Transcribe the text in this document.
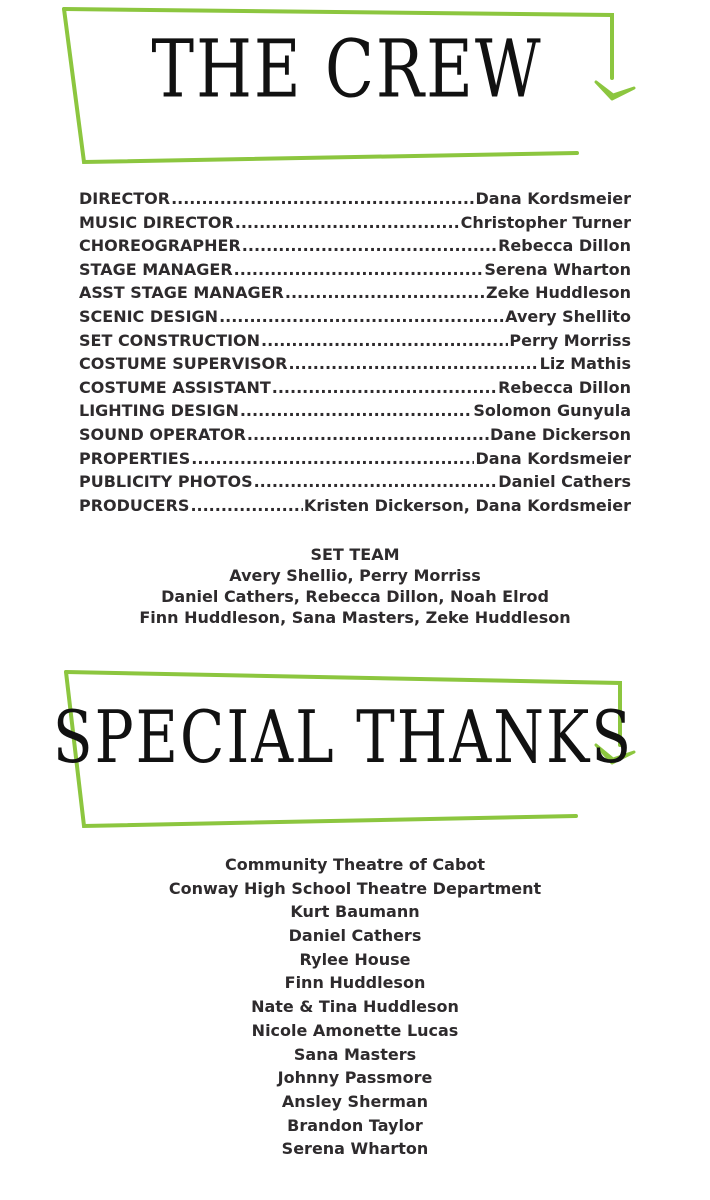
THE CREW
DIRECTOR .....	Dana Kordsmeier
MUSIC DIRECTOR .....	Christopher Turner
CHOREOGRAPHER .....	Rebecca Dillon
STAGE MANAGER .....	Serena Wharton
ASST STAGE MANAGER .....	Zeke Huddleson
SCENIC DESIGN .....	Avery Shellito
SET CONSTRUCTION .....	Perry Morriss
COSTUME SUPERVISOR .....	Liz Mathis
COSTUME ASSISTANT .....	Rebecca Dillon
LIGHTING DESIGN .....	Solomon Gunyula
SOUND OPERATOR .....	Dane Dickerson
PROPERTIES .....	Dana Kordsmeier
PUBLICITY PHOTOS .....	Daniel Cathers
PRODUCERS .....	Kristen Dickerson, Dana Kordsmeier
SET TEAM
Avery Shellio, Perry Morriss
Daniel Cathers, Rebecca Dillon, Noah Elrod
Finn Huddleson, Sana Masters, Zeke Huddleson
SPECIAL THANKS
Community Theatre of Cabot
Conway High School Theatre Department
Kurt Baumann
Daniel Cathers
Rylee House
Finn Huddleson
Nate & Tina Huddleson
Nicole Amonette Lucas
Sana Masters
Johnny Passmore
Ansley Sherman
Brandon Taylor
Serena Wharton
